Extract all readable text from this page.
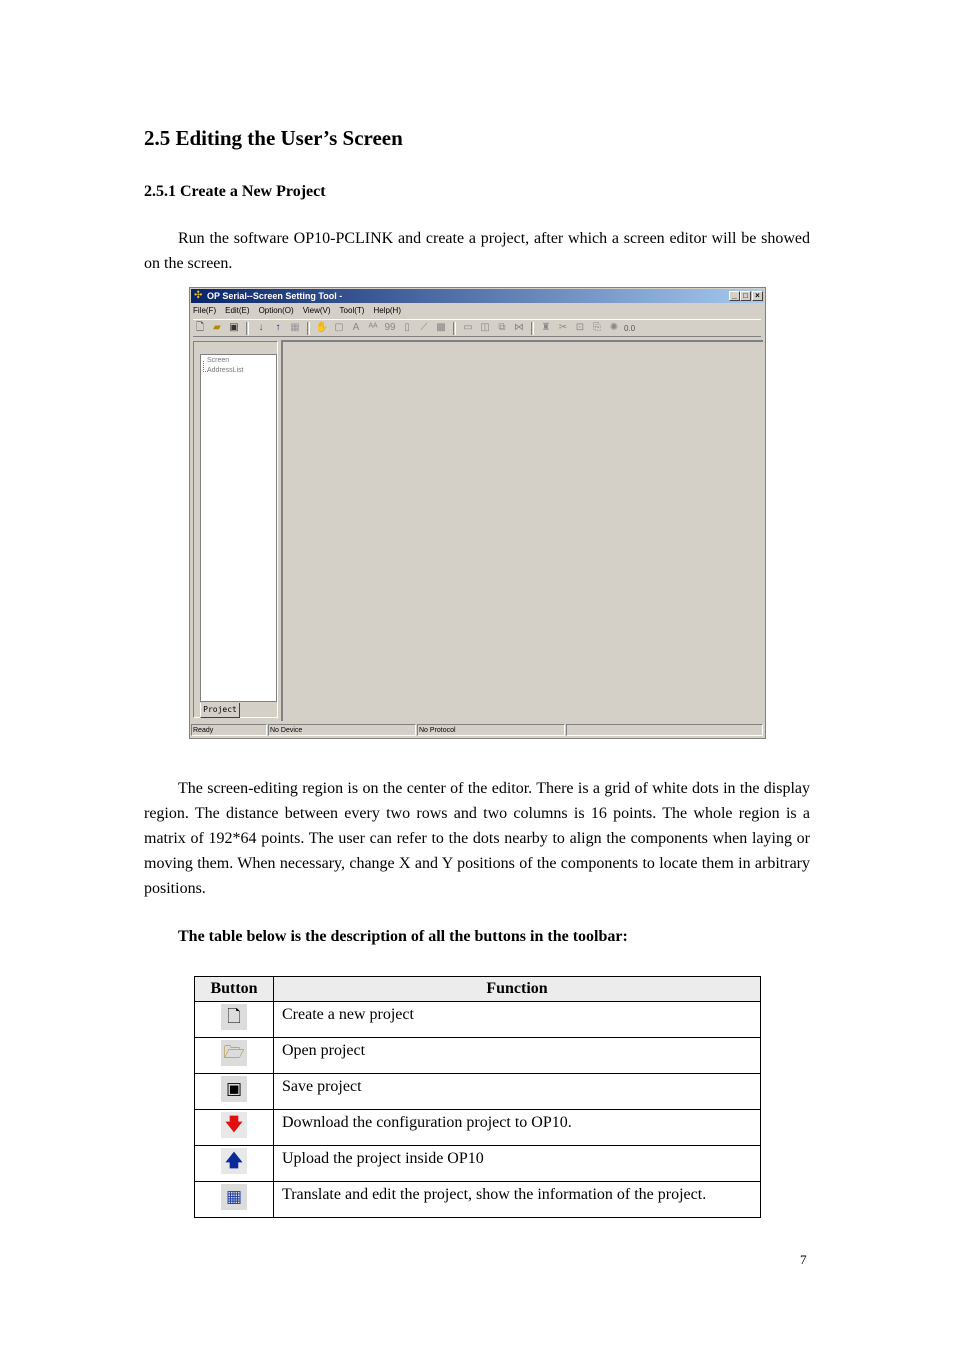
2.5 Editing the User’s Screen
2.5.1 Create a New Project

Run the software OP10-PCLINK and create a project, after which a screen editor will be showed on the screen.

✣ OP Serial--Screen Setting Tool -	_ □ ×
File(F) Edit(E) Option(O) View(V) Tool(T) Help(H)
🗋 ▰ ▣	↓	↑ ▦ ✋ ▢ A ᴬᴬ 99 ▯	⟋ ▩ ▭ ◫ ⧉ ⋈ ♜ ✂ ⊡ ⎘ ✺ 0.0
Screen
AddressList
Project
Ready	No Device	No Protocol

The screen-editing region is on the center of the editor. There is a grid of white dots in the display region. The distance between every two rows and two columns is 16 points. The whole region is a matrix of 192*64 points. The user can refer to the dots nearby to align the components when laying or moving them. When necessary, change X and Y positions of the components to locate them in arbitrary positions.

The table below is the description of all the buttons in the toolbar:
Button	Function
🗋	Create a new project
🗁	Open project
▣	Save project
🡇	Download the configuration project to OP10.
🡅	Upload the project inside OP10
▦	Translate and edit the project, show the information of the project.
7
